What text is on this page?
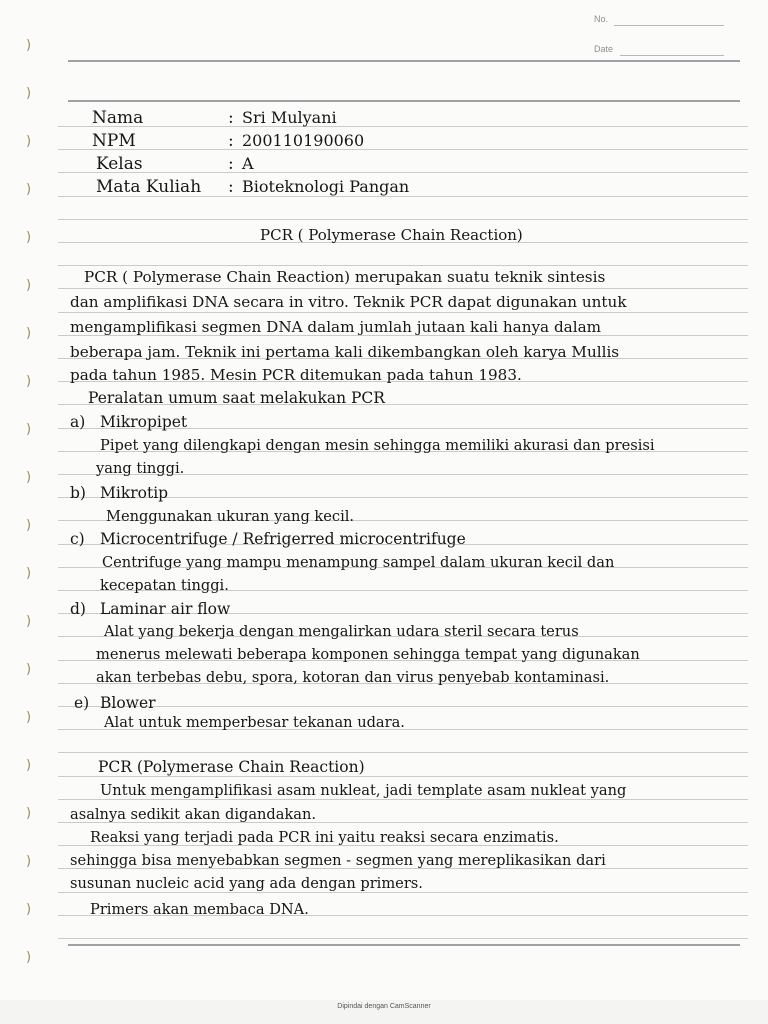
No.
Date
Nama	: Sri Mulyani
NPM	: 200110190060
Kelas	: A
Mata Kuliah : Bioteknologi Pangan
PCR ( Polymerase Chain Reaction)
PCR ( Polymerase Chain Reaction) merupakan suatu teknik sintesis
dan amplifikasi DNA secara in vitro. Teknik PCR dapat digunakan untuk
mengamplifikasi segmen DNA dalam jumlah jutaan kali hanya dalam
beberapa jam. Teknik ini pertama kali dikembangkan oleh karya Mullis
pada tahun 1985. Mesin PCR ditemukan pada tahun 1983.
Peralatan umum saat melakukan PCR
a) Mikropipet
Pipet yang dilengkapi dengan mesin sehingga memiliki akurasi dan presisi
yang tinggi.
b) Mikrotip
Menggunakan ukuran yang kecil.
c) Microcentrifuge / Refrigerred microcentrifuge
Centrifuge yang mampu menampung sampel dalam ukuran kecil dan
kecepatan tinggi.
d) Laminar air flow
Alat yang bekerja dengan mengalirkan udara steril secara terus
menerus melewati beberapa komponen sehingga tempat yang digunakan
akan terbebas debu, spora, kotoran dan virus penyebab kontaminasi.
e) Blower
Alat untuk memperbesar tekanan udara.
PCR (Polymerase Chain Reaction)
Untuk mengamplifikasi asam nukleat, jadi template asam nukleat yang
asalnya sedikit akan digandakan.
Reaksi yang terjadi pada PCR ini yaitu reaksi secara enzimatis.
sehingga bisa menyebabkan segmen - segmen yang mereplikasikan dari
susunan nucleic acid yang ada dengan primers.
Primers akan membaca DNA.
)
)
)
)
)
)
)
)
)
)
)
)
)
)
)
)
)
)
)
)
Dipindai dengan CamScanner
